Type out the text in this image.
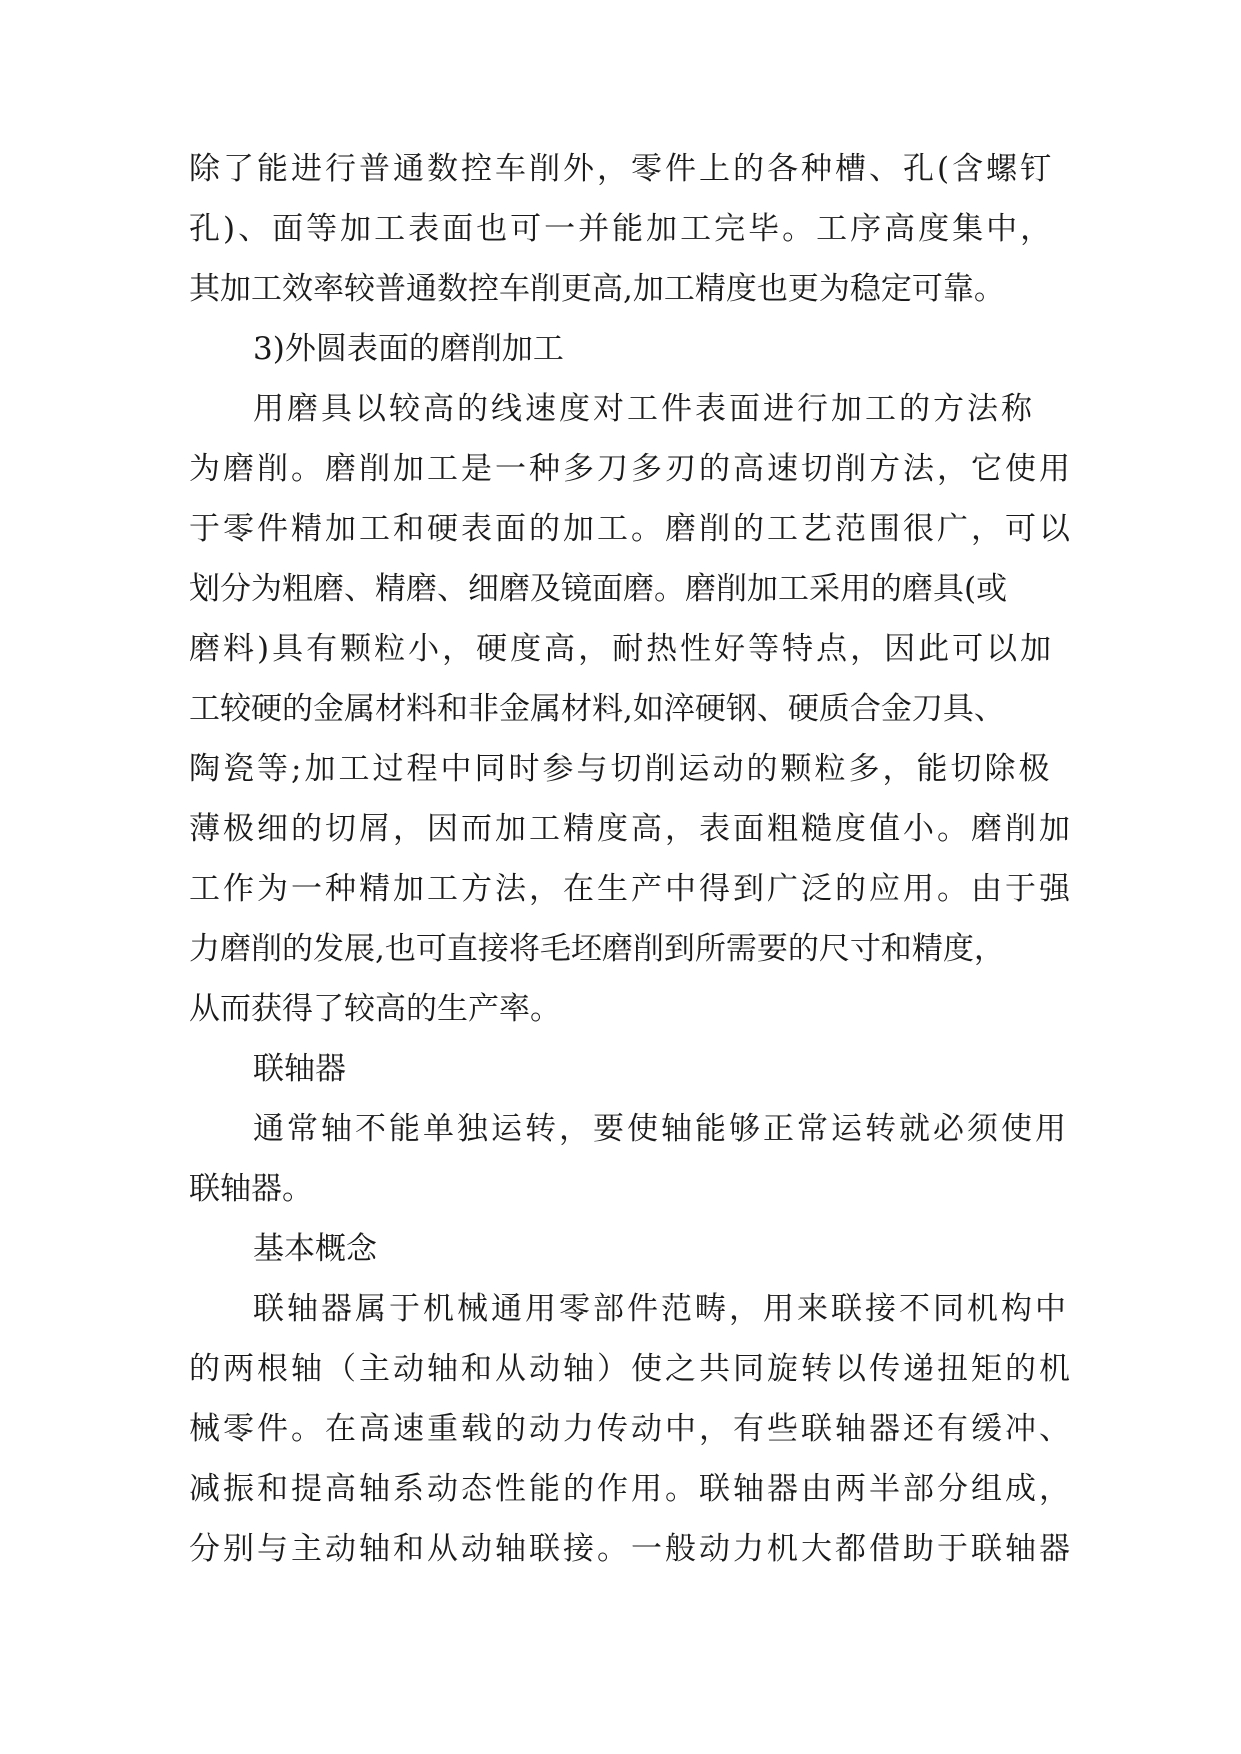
除了能进行普通数控车削外，零件上的各种槽、孔(含螺钉
孔)、面等加工表面也可一并能加工完毕。工序高度集中，
其加工效率较普通数控车削更高,加工精度也更为稳定可靠。
3)外圆表面的磨削加工
用磨具以较高的线速度对工件表面进行加工的方法称
为磨削。磨削加工是一种多刀多刃的高速切削方法，它使用
于零件精加工和硬表面的加工。磨削的工艺范围很广，可以
划分为粗磨、精磨、细磨及镜面磨。磨削加工采用的磨具(或
磨料)具有颗粒小，硬度高，耐热性好等特点，因此可以加
工较硬的金属材料和非金属材料,如淬硬钢、硬质合金刀具、
陶瓷等;加工过程中同时参与切削运动的颗粒多，能切除极
薄极细的切屑，因而加工精度高，表面粗糙度值小。磨削加
工作为一种精加工方法，在生产中得到广泛的应用。由于强
力磨削的发展,也可直接将毛坯磨削到所需要的尺寸和精度，
从而获得了较高的生产率。
联轴器
通常轴不能单独运转，要使轴能够正常运转就必须使用
联轴器。
基本概念
联轴器属于机械通用零部件范畴，用来联接不同机构中
的两根轴（主动轴和从动轴）使之共同旋转以传递扭矩的机
械零件。在高速重载的动力传动中，有些联轴器还有缓冲、
减振和提高轴系动态性能的作用。联轴器由两半部分组成，
分别与主动轴和从动轴联接。一般动力机大都借助于联轴器
